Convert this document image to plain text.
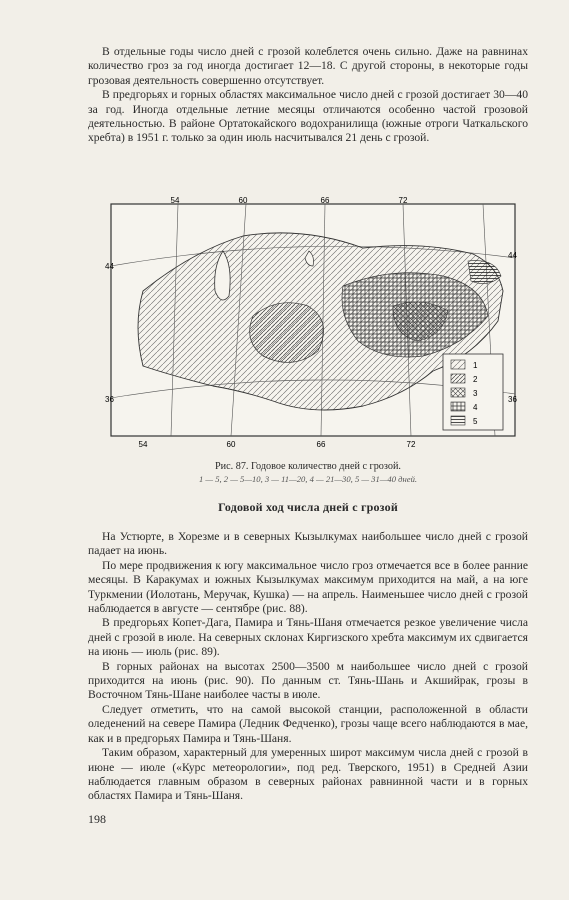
В отдельные годы число дней с грозой колеблется очень сильно. Даже на равнинах количество гроз за год иногда достигает 12—18. С другой стороны, в некоторые годы грозовая деятельность совершенно отсутствует.

В предгорьях и горных областях максимальное число дней с грозой достигает 30—40 за год. Иногда отдельные летние месяцы отличаются особенно частой грозовой деятельностью. В районе Ортатокайского водохранилища (южные отроги Чаткальского хребта) в 1951 г. только за один июль насчитывался 21 день с грозой.

54	60	66	72
54	60	66	72
44
36
44
36
1
2
3
4
5
Рис. 87. Годовое количество дней с грозой.
1 — 5, 2 — 5—10, 3 — 11—20, 4 — 21—30, 5 — 31—40 дней.
Годовой ход числа дней с грозой

На Устюрте, в Хорезме и в северных Кызылкумах наибольшее число дней с грозой падает на июнь.

По мере продвижения к югу максимальное число гроз отмечается все в более ранние месяцы. В Каракумах и южных Кызылкумах максимум приходится на май, а на юге Туркмении (Иолотань, Меручак, Кушка) — на апрель. Наименьшее число дней с грозой наблюдается в августе — сентябре (рис. 88).

В предгорьях Копет-Дага, Памира и Тянь-Шаня отмечается резкое увеличение числа дней с грозой в июле. На северных склонах Киргизского хребта максимум их сдвигается на июнь — июль (рис. 89).

В горных районах на высотах 2500—3500 м наибольшее число дней с грозой приходится на июнь (рис. 90). По данным ст. Тянь-Шань и Акшийрак, грозы в Восточном Тянь-Шане наиболее часты в июле.

Следует отметить, что на самой высокой станции, расположенной в области оледенений на севере Памира (Ледник Федченко), грозы чаще всего наблюдаются в мае, как и в предгорьях Памира и Тянь-Шаня.

Таким образом, характерный для умеренных широт максимум числа дней с грозой в июне — июле («Курс метеорологии», под ред. Тверского, 1951) в Средней Азии наблюдается главным образом в северных районах равнинной части и в горных областях Памира и Тянь-Шаня.

198
